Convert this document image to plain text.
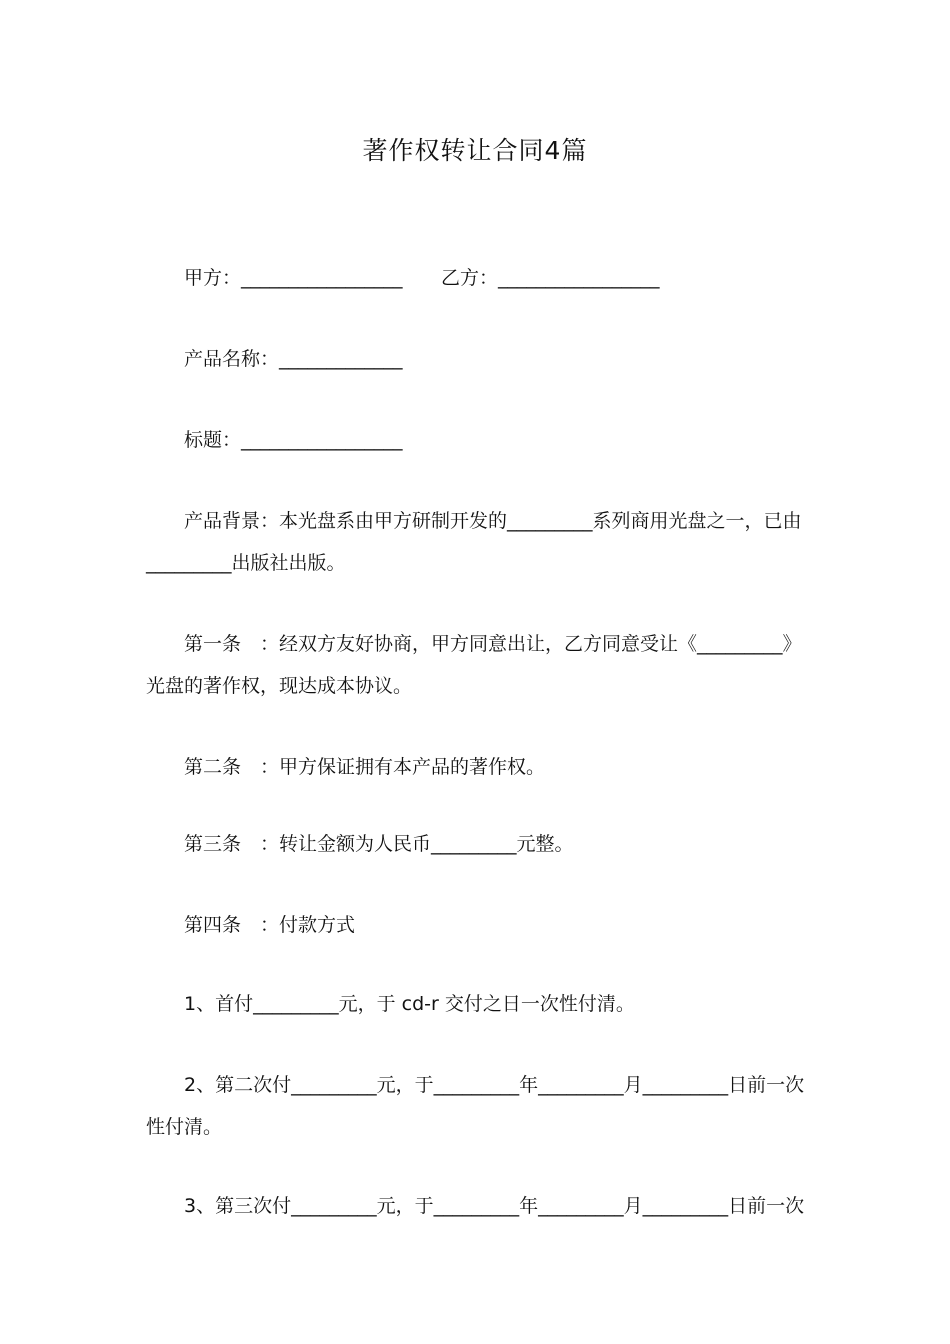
著作权转让合同4篇
甲方：_________________ 乙方：_________________
产品名称：_____________
标题：_________________
产品背景：本光盘系由甲方研制开发的_________系列商用光盘之一，已由
_________出版社出版。
第一条　：经双方友好协商，甲方同意出让，乙方同意受让《_________》
光盘的著作权，现达成本协议。
第二条　：甲方保证拥有本产品的著作权。
第三条　：转让金额为人民币_________元整。
第四条　：付款方式
1、首付_________元，于 cd-r 交付之日一次性付清。
2、第二次付_________元，于_________年_________月_________日前一次
性付清。
3、第三次付_________元，于_________年_________月_________日前一次
